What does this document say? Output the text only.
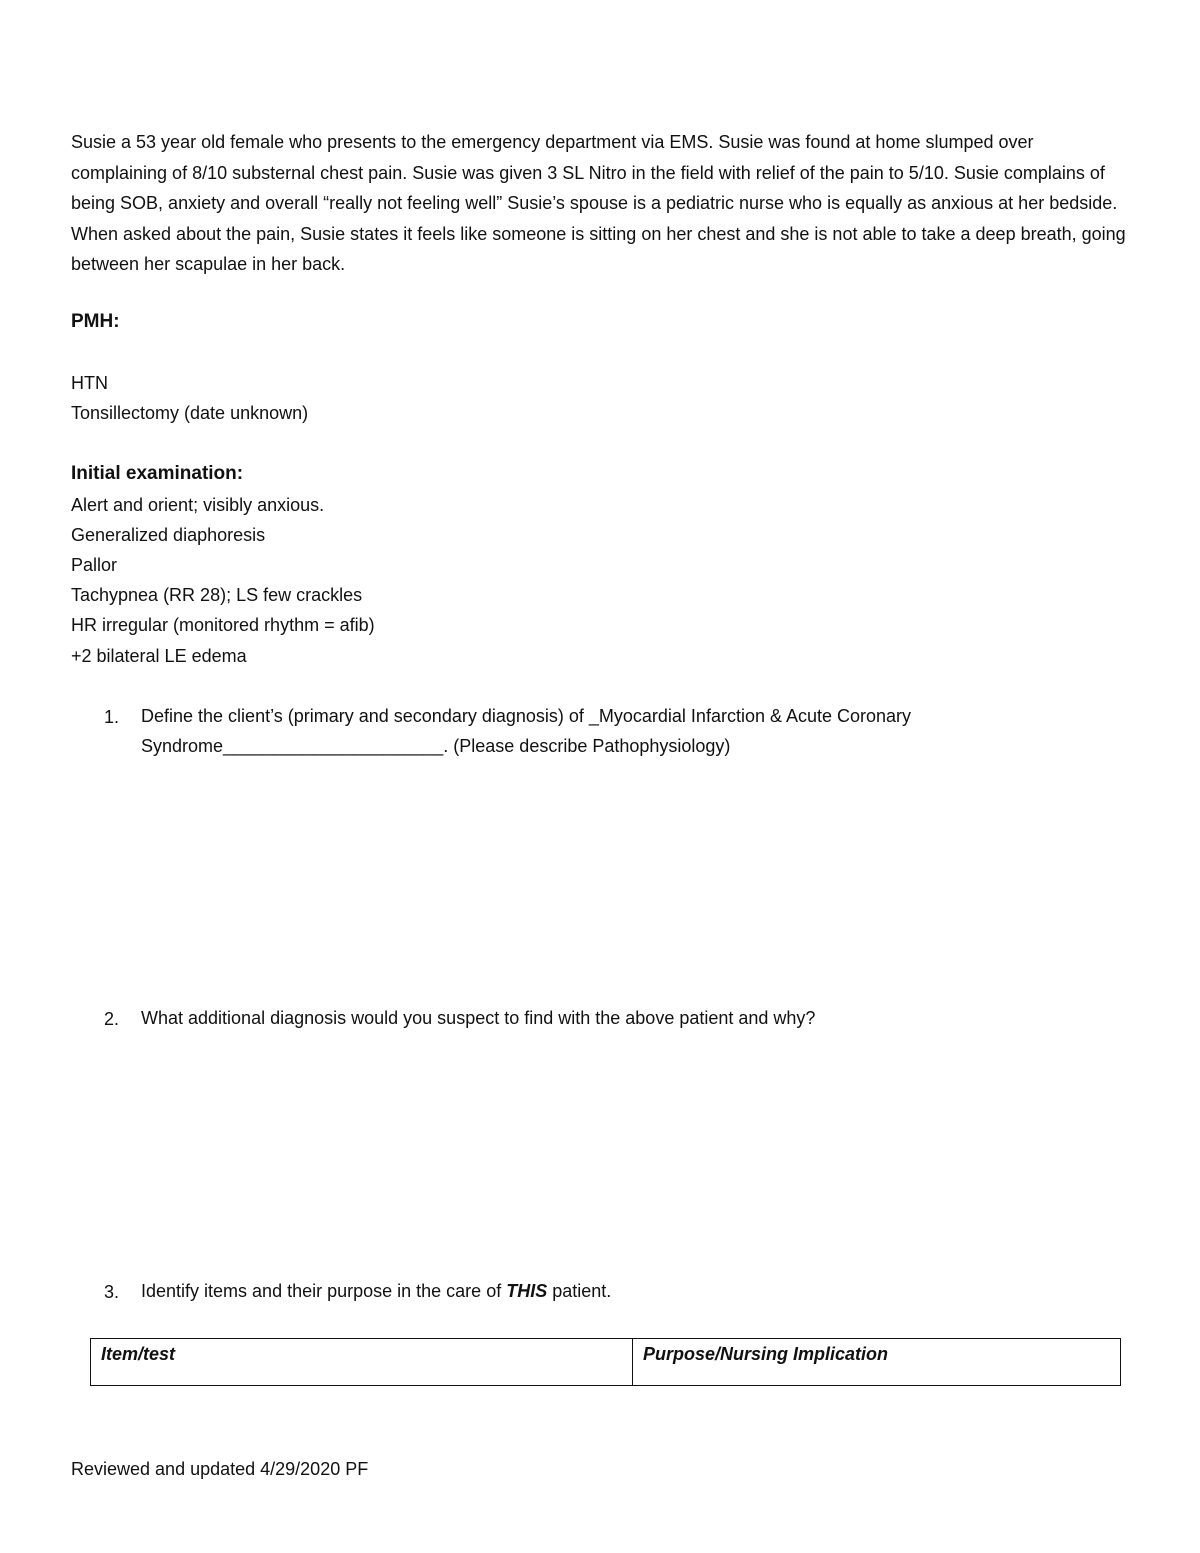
Susie a 53 year old female who presents to the emergency department via EMS. Susie was found at home slumped over complaining of 8/10 substernal chest pain. Susie was given 3 SL Nitro in the field with relief of the pain to 5/10. Susie complains of being SOB, anxiety and overall “really not feeling well” Susie’s spouse is a pediatric nurse who is equally as anxious at her bedside. When asked about the pain, Susie states it feels like someone is sitting on her chest and she is not able to take a deep breath, going between her scapulae in her back.

PMH:

HTN

Tonsillectomy (date unknown)

Initial examination:

Alert and orient; visibly anxious.

Generalized diaphoresis

Pallor

Tachypnea (RR 28); LS few crackles

HR irregular (monitored rhythm = afib)

+2 bilateral LE edema

1. Define the client’s (primary and secondary diagnosis) of _Myocardial Infarction & Acute Coronary
Syndrome______________________. (Please describe Pathophysiology)

2. What additional diagnosis would you suspect to find with the above patient and why?

3. Identify items and their purpose in the care of THIS patient.

Item/test	Purpose/Nursing Implication

Reviewed and updated 4/29/2020 PF
